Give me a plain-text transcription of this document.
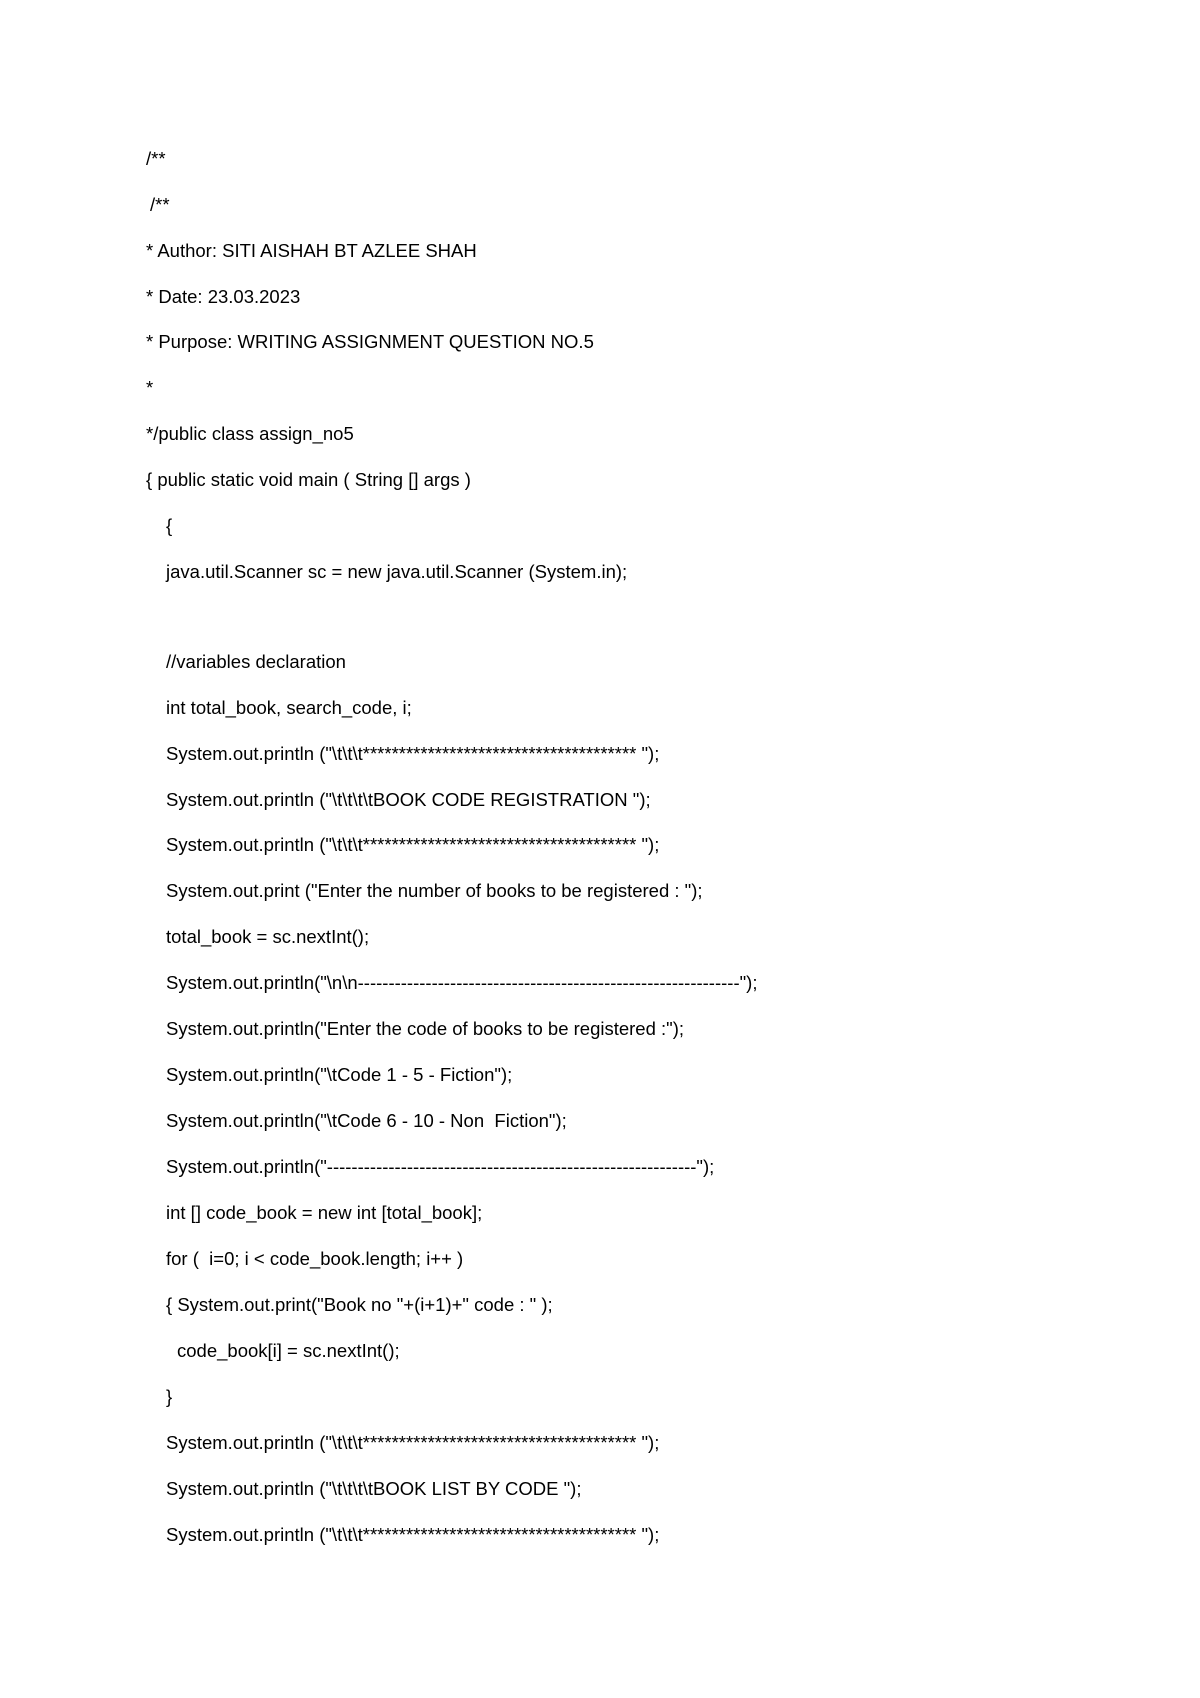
/**
/**
* Author: SITI AISHAH BT AZLEE SHAH
* Date: 23.03.2023
* Purpose: WRITING ASSIGNMENT QUESTION NO.5
*
*/public class assign_no5
{ public static void main ( String [] args )
{
java.util.Scanner sc = new java.util.Scanner (System.in);
//variables declaration
int total_book, search_code, i;
System.out.println ("\t\t\t************************************** ");
System.out.println ("\t\t\t\tBOOK CODE REGISTRATION ");
System.out.println ("\t\t\t************************************** ");
System.out.print ("Enter the number of books to be registered : ");
total_book = sc.nextInt();
System.out.println("\n\n--------------------------------------------------------------");
System.out.println("Enter the code of books to be registered :");
System.out.println("\tCode 1 - 5 - Fiction");
System.out.println("\tCode 6 - 10 - Non  Fiction");
System.out.println("------------------------------------------------------------");
int [] code_book = new int [total_book];
for (  i=0; i < code_book.length; i++ )
{ System.out.print("Book no "+(i+1)+" code : " );
code_book[i] = sc.nextInt();
}
System.out.println ("\t\t\t************************************** ");
System.out.println ("\t\t\t\tBOOK LIST BY CODE ");
System.out.println ("\t\t\t************************************** ");
